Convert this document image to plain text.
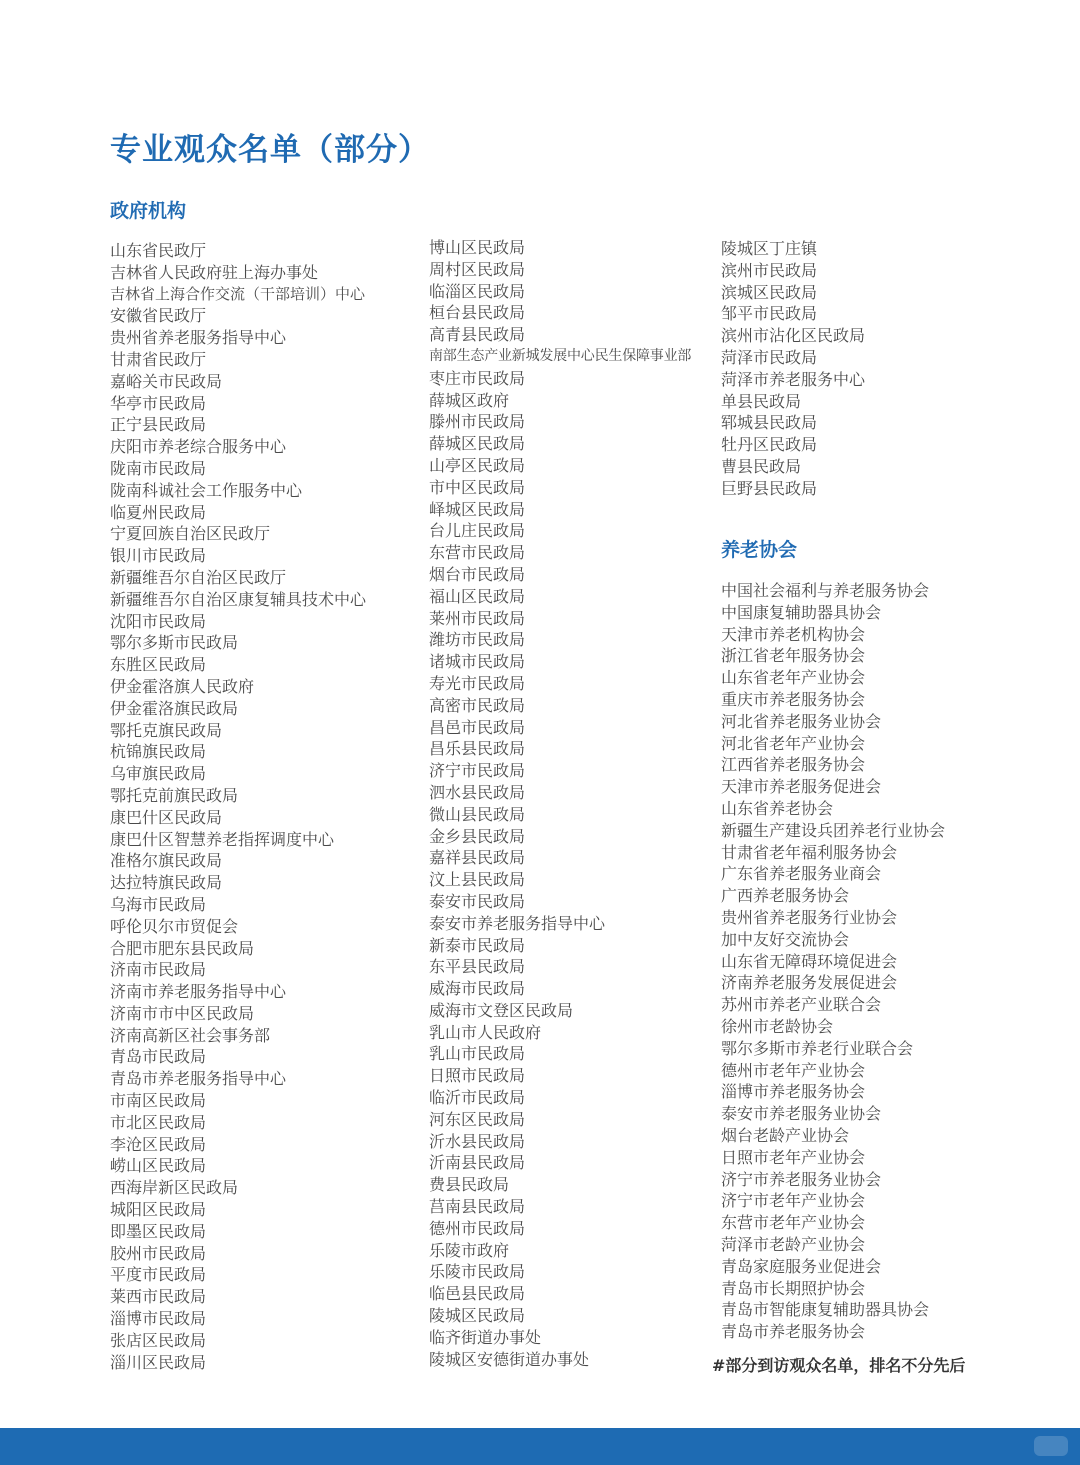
专业观众名单（部分）
政府机构
养老协会
山东省民政厅
吉林省人民政府驻上海办事处
吉林省上海合作交流（干部培训）中心
安徽省民政厅
贵州省养老服务指导中心
甘肃省民政厅
嘉峪关市民政局
华亭市民政局
正宁县民政局
庆阳市养老综合服务中心
陇南市民政局
陇南科诚社会工作服务中心
临夏州民政局
宁夏回族自治区民政厅
银川市民政局
新疆维吾尔自治区民政厅
新疆维吾尔自治区康复辅具技术中心
沈阳市民政局
鄂尔多斯市民政局
东胜区民政局
伊金霍洛旗人民政府
伊金霍洛旗民政局
鄂托克旗民政局
杭锦旗民政局
乌审旗民政局
鄂托克前旗民政局
康巴什区民政局
康巴什区智慧养老指挥调度中心
准格尔旗民政局
达拉特旗民政局
乌海市民政局
呼伦贝尔市贸促会
合肥市肥东县民政局
济南市民政局
济南市养老服务指导中心
济南市市中区民政局
济南高新区社会事务部
青岛市民政局
青岛市养老服务指导中心
市南区民政局
市北区民政局
李沧区民政局
崂山区民政局
西海岸新区民政局
城阳区民政局
即墨区民政局
胶州市民政局
平度市民政局
莱西市民政局
淄博市民政局
张店区民政局
淄川区民政局
博山区民政局
周村区民政局
临淄区民政局
桓台县民政局
高青县民政局
南部生态产业新城发展中心民生保障事业部
枣庄市民政局
薛城区政府
滕州市民政局
薛城区民政局
山亭区民政局
市中区民政局
峄城区民政局
台儿庄民政局
东营市民政局
烟台市民政局
福山区民政局
莱州市民政局
潍坊市民政局
诸城市民政局
寿光市民政局
高密市民政局
昌邑市民政局
昌乐县民政局
济宁市民政局
泗水县民政局
微山县民政局
金乡县民政局
嘉祥县民政局
汶上县民政局
泰安市民政局
泰安市养老服务指导中心
新泰市民政局
东平县民政局
威海市民政局
威海市文登区民政局
乳山市人民政府
乳山市民政局
日照市民政局
临沂市民政局
河东区民政局
沂水县民政局
沂南县民政局
费县民政局
莒南县民政局
德州市民政局
乐陵市政府
乐陵市民政局
临邑县民政局
陵城区民政局
临齐街道办事处
陵城区安德街道办事处
陵城区丁庄镇
滨州市民政局
滨城区民政局
邹平市民政局
滨州市沾化区民政局
菏泽市民政局
菏泽市养老服务中心
单县民政局
郓城县民政局
牡丹区民政局
曹县民政局
巨野县民政局
中国社会福利与养老服务协会
中国康复辅助器具协会
天津市养老机构协会
浙江省老年服务协会
山东省老年产业协会
重庆市养老服务协会
河北省养老服务业协会
河北省老年产业协会
江西省养老服务协会
天津市养老服务促进会
山东省养老协会
新疆生产建设兵团养老行业协会
甘肃省老年福利服务协会
广东省养老服务业商会
广西养老服务协会
贵州省养老服务行业协会
加中友好交流协会
山东省无障碍环境促进会
济南养老服务发展促进会
苏州市养老产业联合会
徐州市老龄协会
鄂尔多斯市养老行业联合会
德州市老年产业协会
淄博市养老服务协会
泰安市养老服务业协会
烟台老龄产业协会
日照市老年产业协会
济宁市养老服务业协会
济宁市老年产业协会
东营市老年产业协会
菏泽市老龄产业协会
青岛家庭服务业促进会
青岛市长期照护协会
青岛市智能康复辅助器具协会
青岛市养老服务协会
#部分到访观众名单，排名不分先后
